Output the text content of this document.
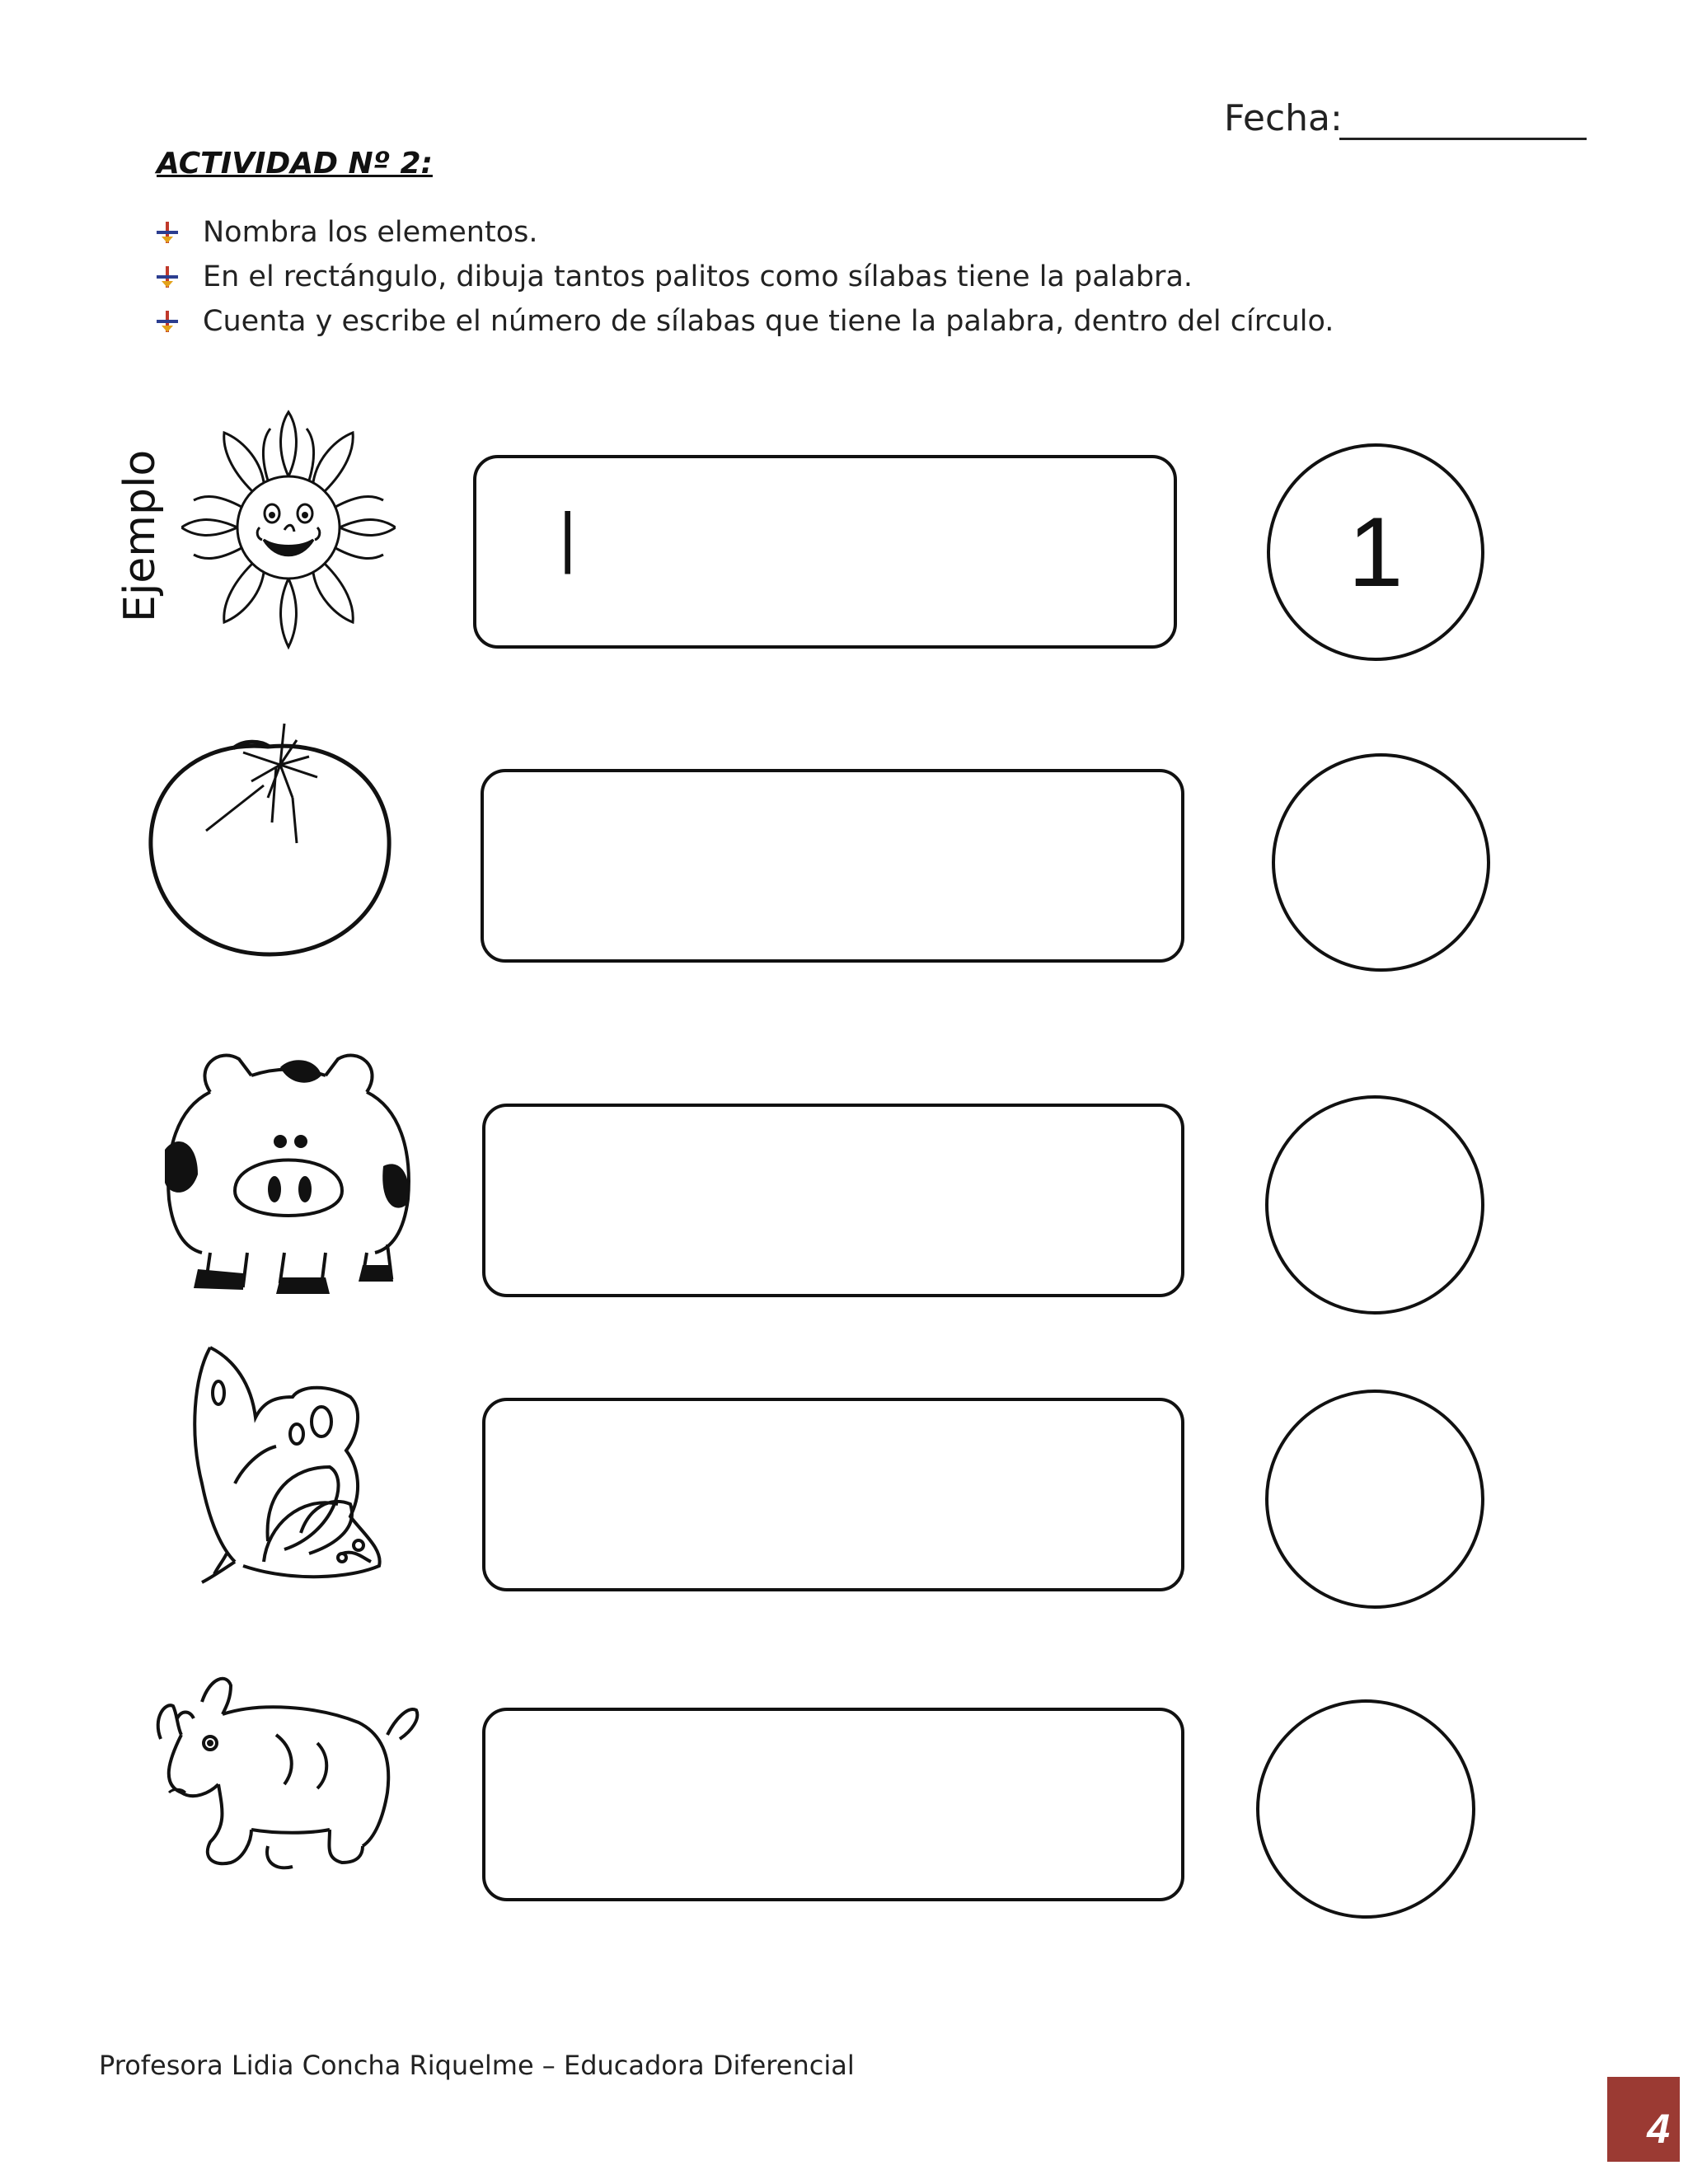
Fecha:
ACTIVIDAD Nº 2:
Nombra los elementos.
En el rectángulo, dibuja tantos palitos como sílabas tiene la palabra.
Cuenta y escribe el número de sílabas que tiene la palabra, dentro del círculo.
Ejemplo	|	1
Profesora Lidia Concha Riquelme – Educadora Diferencial
4
